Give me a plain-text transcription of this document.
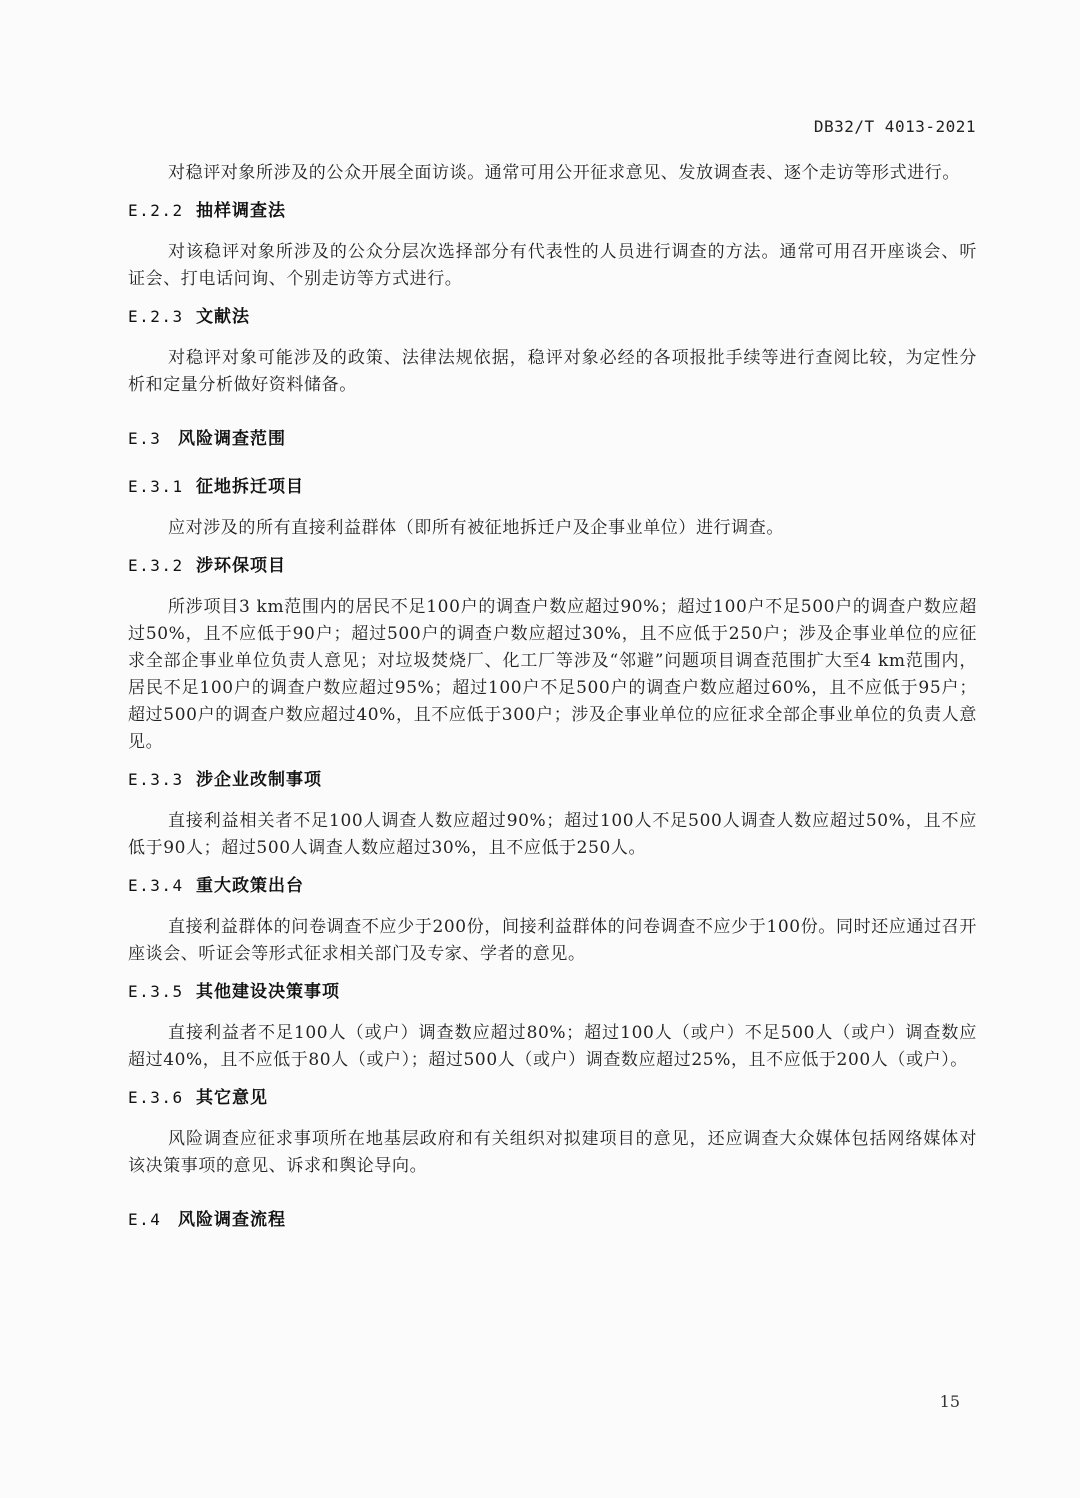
DB32/T 4013-2021

对稳评对象所涉及的公众开展全面访谈。通常可用公开征求意见、发放调查表、逐个走访等形式进行。

E.2.2 抽样调查法

对该稳评对象所涉及的公众分层次选择部分有代表性的人员进行调查的方法。通常可用召开座谈会、听证会、打电话问询、个别走访等方式进行。

E.2.3 文献法

对稳评对象可能涉及的政策、法律法规依据，稳评对象必经的各项报批手续等进行查阅比较，为定性分析和定量分析做好资料储备。

E.3 风险调查范围
E.3.1 征地拆迁项目

应对涉及的所有直接利益群体（即所有被征地拆迁户及企事业单位）进行调查。

E.3.2 涉环保项目

所涉项目3 km范围内的居民不足100户的调查户数应超过90%；超过100户不足500户的调查户数应超过50%，且不应低于90户；超过500户的调查户数应超过30%，且不应低于250户；涉及企事业单位的应征求全部企事业单位负责人意见；对垃圾焚烧厂、化工厂等涉及“邻避”问题项目调查范围扩大至4 km范围内，居民不足100户的调查户数应超过95%；超过100户不足500户的调查户数应超过60%，且不应低于95户；超过500户的调查户数应超过40%，且不应低于300户；涉及企事业单位的应征求全部企事业单位的负责人意见。

E.3.3 涉企业改制事项

直接利益相关者不足100人调查人数应超过90%；超过100人不足500人调查人数应超过50%，且不应低于90人；超过500人调查人数应超过30%，且不应低于250人。

E.3.4 重大政策出台

直接利益群体的问卷调查不应少于200份，间接利益群体的问卷调查不应少于100份。同时还应通过召开座谈会、听证会等形式征求相关部门及专家、学者的意见。

E.3.5 其他建设决策事项

直接利益者不足100人（或户）调查数应超过80%；超过100人（或户）不足500人（或户）调查数应超过40%，且不应低于80人（或户）；超过500人（或户）调查数应超过25%，且不应低于200人（或户）。

E.3.6 其它意见

风险调查应征求事项所在地基层政府和有关组织对拟建项目的意见，还应调查大众媒体包括网络媒体对该决策事项的意见、诉求和舆论导向。

E.4 风险调查流程
15
